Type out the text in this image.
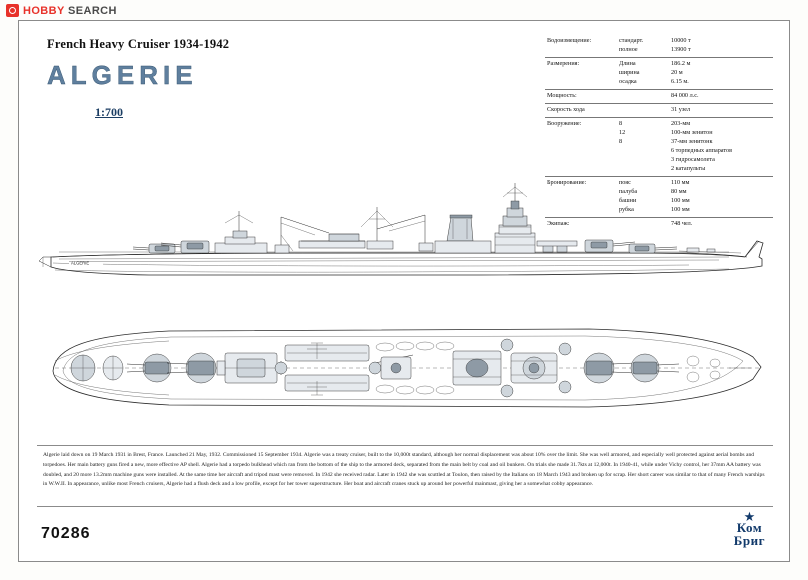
HOBBY SEARCH
French Heavy Cruiser 1934-1942
ALGERIE
1:700
Водоизмещение:	стандарт.	10000 т
полное	13900 т
Размерения:	Длина	186.2 м
ширина	20 м
осадка	6.15 м.
Мощность:	84 000 л.с.
Скорость хода	31 узел
Вооружение:	8	203-мм
12	100-мм зенитон
8	37-мм зенитонк
6 торпедных аппаратов
3 гидросамолета
2 катапульты
Бронирование:	пояс	110 мм
палуба	80 мм
башни	100 мм
рубка	100 мм
Экипаж:	748 чел.
ALGERIE
Algerie laid down on 19 March 1931 in Brest, France. Launched 21 May, 1932. Commissioned 15 September 1934. Algerie was a treaty cruiser, built to the 10,000t standard, although her normal displacement was about 10% over the limit. She was well armored, and especially well protected against aerial bombs and torpedoes. Her main battery guns fired a new, more effective AP shell. Algerie had a torpedo bulkhead which ran from the bottom of the ship to the armored deck, separated from the main belt by coal and oil bunkers. On trials she made 31.7kts at 12,000t. In 1940-41, while under Vichy control, her 37mm AA battery was doubled, and 20 more 13.2mm machine guns were installed. At the same time her aircraft and tripod mast were removed. In 1942 she received radar. Later in 1942 she was scuttled at Toulon, then raised by the Italians on 18 March 1943 and broken up for scrap. Her short career was similar to that of many French warships in W.W.II. In appearance, unlike most French cruisers, Algerie had a flush deck and a low profile, except for her tower superstructure. Her boat and aircraft cranes stuck up around her powerful mainmast, giving her a somewhat cobby appearance.
70286
★
Ком
Бриг
